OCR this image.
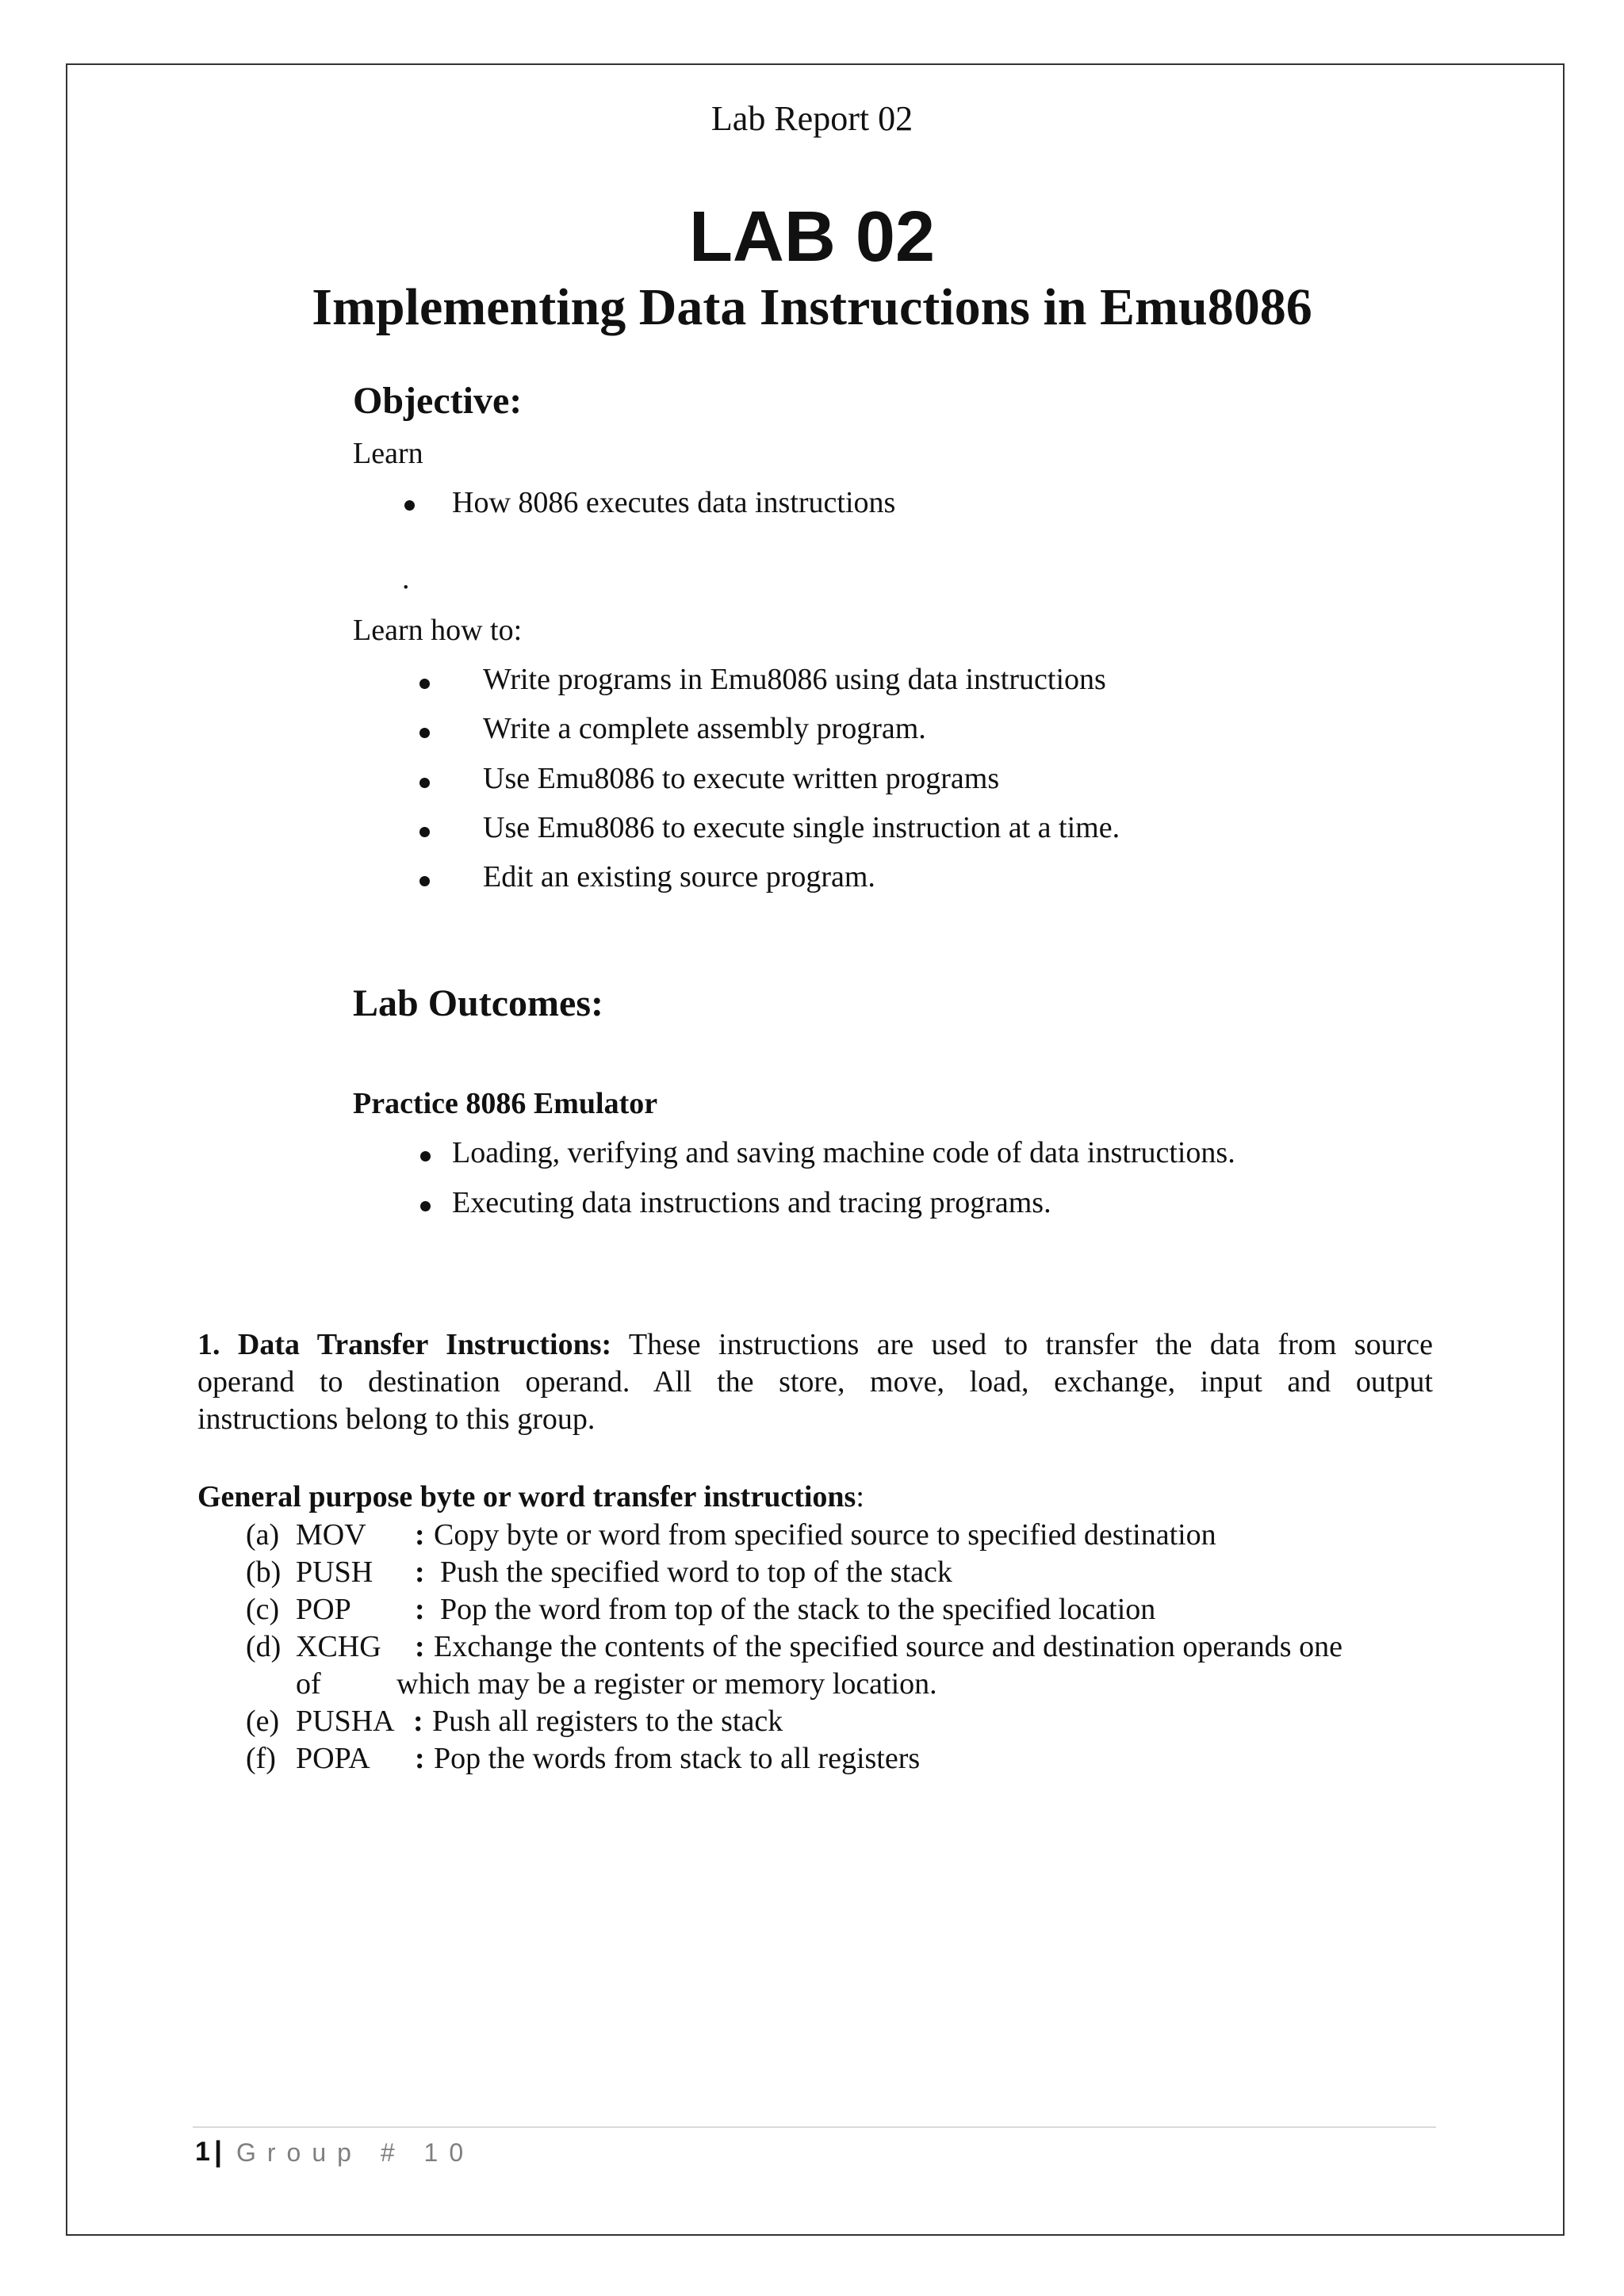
Lab Report 02
LAB 02
Implementing Data Instructions in Emu8086
Objective:
Learn
How 8086 executes data instructions
.
Learn how to:
Write programs in Emu8086 using data instructions
Write a complete assembly program.
Use Emu8086 to execute written programs
Use Emu8086 to execute single instruction at a time.
Edit an existing source program.
Lab Outcomes:
Practice 8086 Emulator
Loading, verifying and saving machine code of data instructions.
Executing data instructions and tracing programs.
1. Data Transfer Instructions: These instructions are used to transfer the data from source
operand to destination operand. All the store, move, load, exchange, input and output
instructions belong to this group.
General purpose byte or word transfer instructions:
(a) MOV : Copy byte or word from specified source to specified destination
(b) PUSH : Push the specified word to top of the stack
(c) POP : Pop the word from top of the stack to the specified location
(d) XCHG : Exchange the contents of the specified source and destination operands one
of	which may be a register or memory location.
(e) PUSHA : Push all registers to the stack
(f) POPA : Pop the words from stack to all registers
1 | Group # 10
